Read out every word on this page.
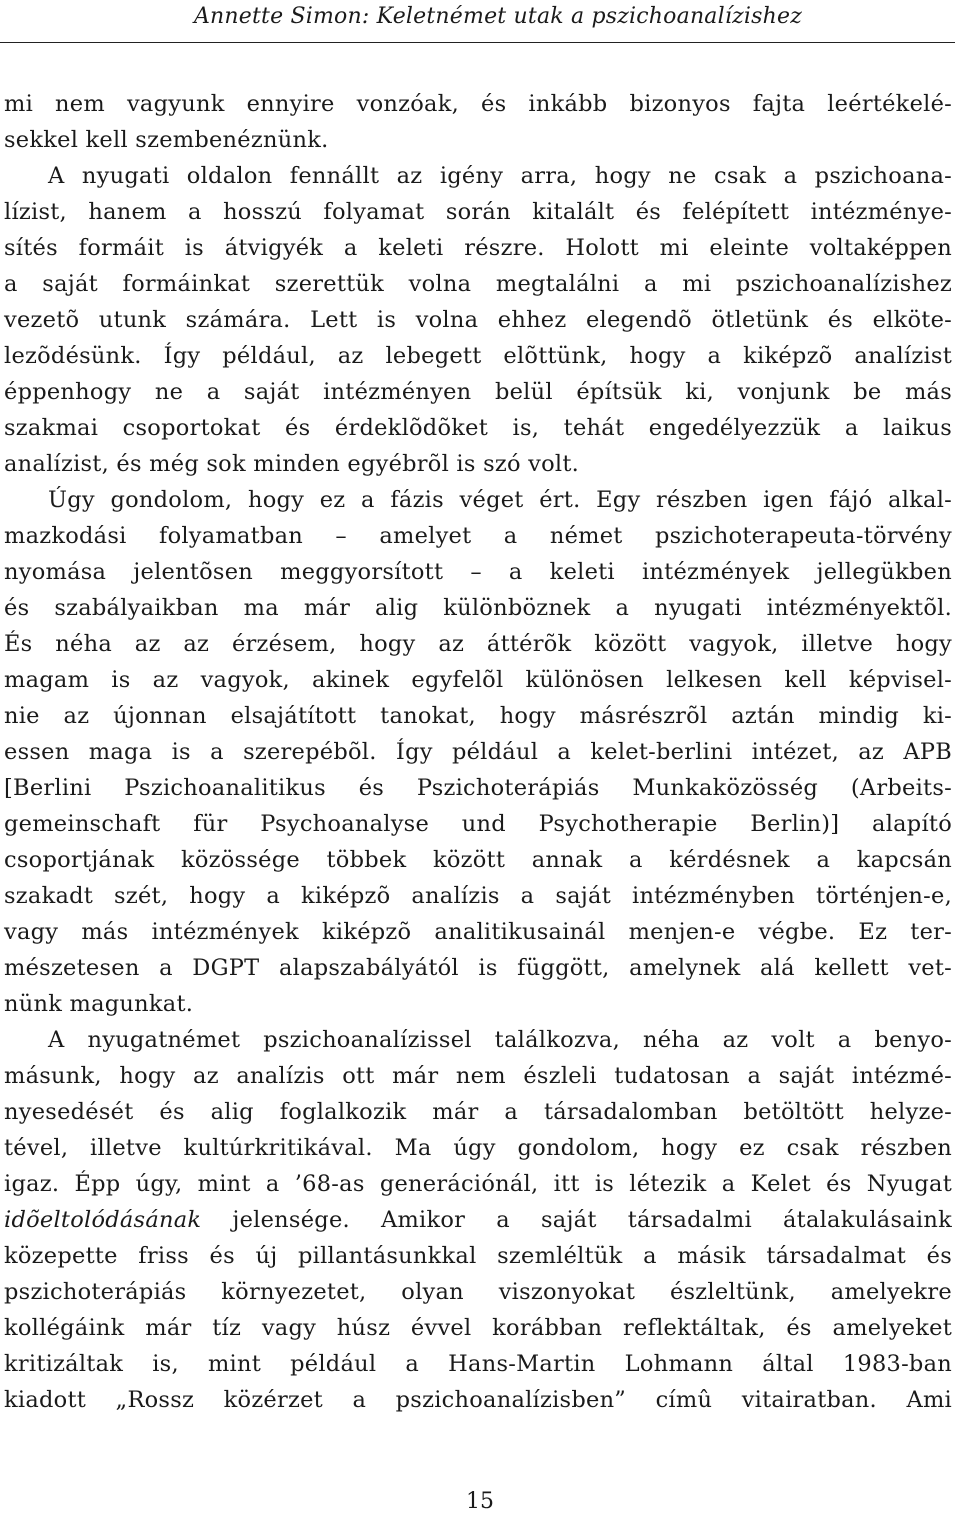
Annette Simon: Keletnémet utak a pszichoanalízishez
mi nem vagyunk ennyire vonzóak, és inkább bizonyos fajta leértékelé-
sekkel kell szembenéznünk.
A nyugati oldalon fennállt az igény arra, hogy ne csak a pszichoana-
lízist, hanem a hosszú folyamat során kitalált és felépített intézménye-
sítés formáit is átvigyék a keleti részre. Holott mi eleinte voltaképpen
a saját formáinkat szerettük volna megtalálni a mi pszichoanalízishez
vezetõ utunk számára. Lett is volna ehhez elegendõ ötletünk és elköte-
lezõdésünk. Így például, az lebegett elõttünk, hogy a kiképzõ analízist
éppenhogy ne a saját intézményen belül építsük ki, vonjunk be más
szakmai csoportokat és érdeklõdõket is, tehát engedélyezzük a laikus
analízist, és még sok minden egyébrõl is szó volt.
Úgy gondolom, hogy ez a fázis véget ért. Egy részben igen fájó alkal-
mazkodási folyamatban – amelyet a német pszichoterapeuta-törvény
nyomása jelentõsen meggyorsított – a keleti intézmények jellegükben
és szabályaikban ma már alig különböznek a nyugati intézményektõl.
És néha az az érzésem, hogy az áttérõk között vagyok, illetve hogy
magam is az vagyok, akinek egyfelõl különösen lelkesen kell képvisel-
nie az újonnan elsajátított tanokat, hogy másrészrõl aztán mindig ki-
essen maga is a szerepébõl. Így például a kelet-berlini intézet, az APB
[Berlini Pszichoanalitikus és Pszichoterápiás Munkaközösség (Arbeits-
gemeinschaft für Psychoanalyse und Psychotherapie Berlin)] alapító
csoportjának közössége többek között annak a kérdésnek a kapcsán
szakadt szét, hogy a kiképzõ analízis a saját intézményben történjen-e,
vagy más intézmények kiképzõ analitikusainál menjen-e végbe. Ez ter-
mészetesen a DGPT alapszabályától is függött, amelynek alá kellett vet-
nünk magunkat.
A nyugatnémet pszichoanalízissel találkozva, néha az volt a benyo-
másunk, hogy az analízis ott már nem észleli tudatosan a saját intézmé-
nyesedését és alig foglalkozik már a társadalomban betöltött helyze-
tével, illetve kultúrkritikával. Ma úgy gondolom, hogy ez csak részben
igaz. Épp úgy, mint a ’68-as generációnál, itt is létezik a Kelet és Nyugat
idõeltolódásának jelensége. Amikor a saját társadalmi átalakulásaink
közepette friss és új pillantásunkkal szemléltük a másik társadalmat és
pszichoterápiás környezetet, olyan viszonyokat észleltünk, amelyekre
kollégáink már tíz vagy húsz évvel korábban reflektáltak, és amelyeket
kritizáltak is, mint például a Hans-Martin Lohmann által 1983-ban
kiadott „Rossz közérzet a pszichoanalízisben” címû vitairatban. Ami
15
